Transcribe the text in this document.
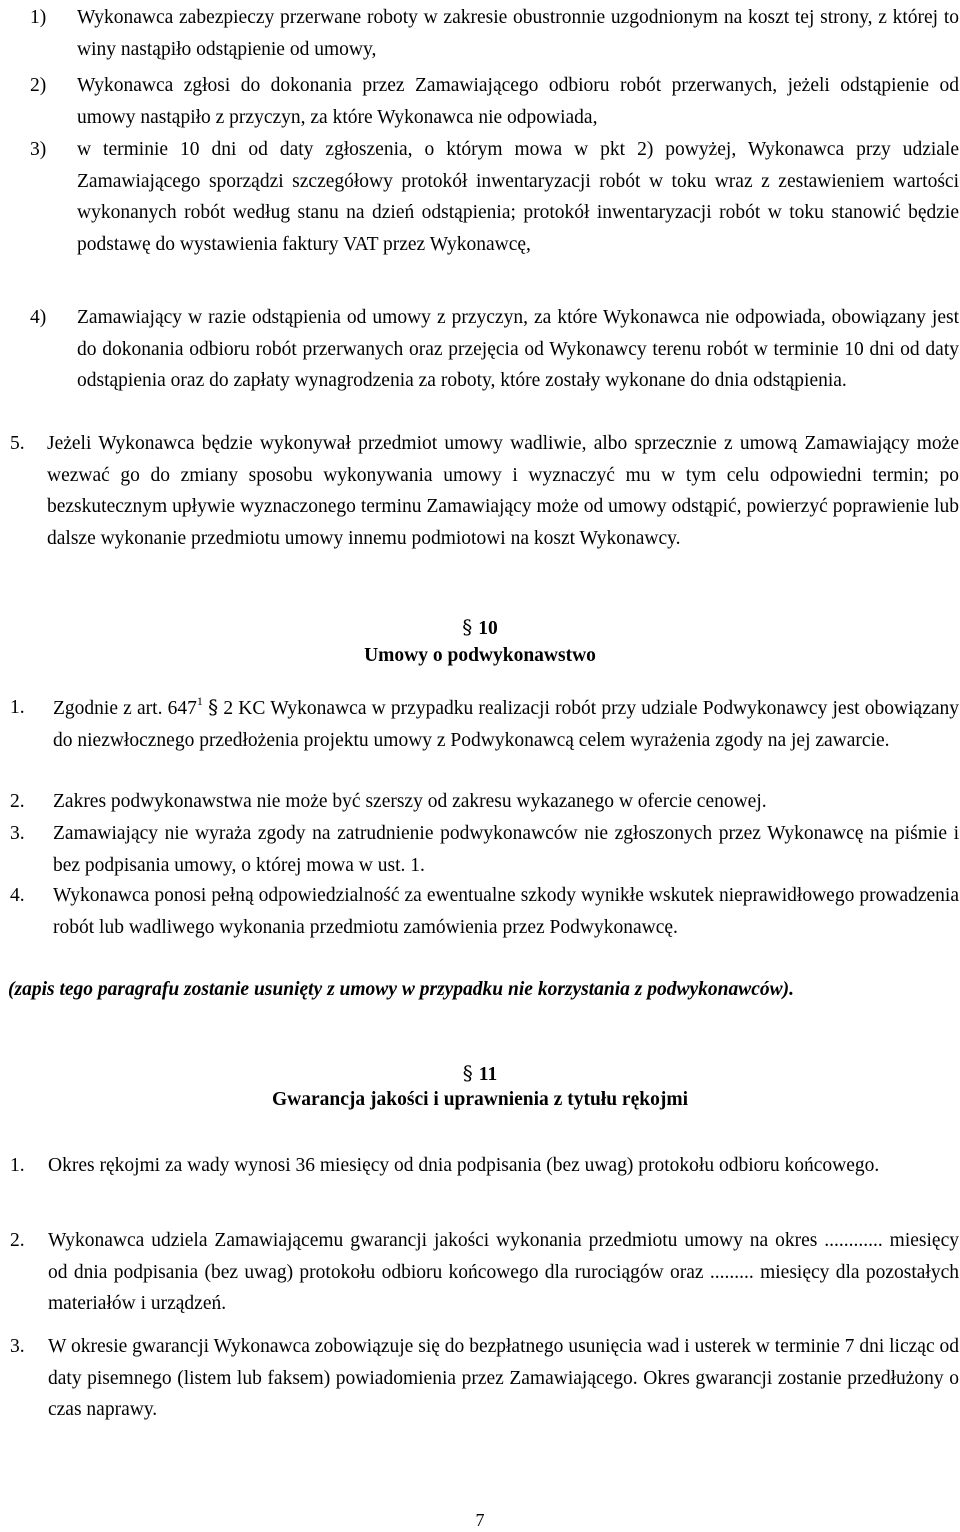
1) Wykonawca zabezpieczy przerwane roboty w zakresie obustronnie uzgodnionym na koszt tej strony, z której to winy nastąpiło odstąpienie od umowy,
2) Wykonawca zgłosi do dokonania przez Zamawiającego odbioru robót przerwanych, jeżeli odstąpienie od umowy nastąpiło z przyczyn, za które Wykonawca nie odpowiada,
3) w terminie 10 dni od daty zgłoszenia, o którym mowa w pkt 2) powyżej, Wykonawca przy udziale Zamawiającego sporządzi szczegółowy protokół inwentaryzacji robót w toku wraz z zestawieniem wartości wykonanych robót według stanu na dzień odstąpienia; protokół inwentaryzacji robót w toku stanowić będzie podstawę do wystawienia faktury VAT przez Wykonawcę,
4) Zamawiający w razie odstąpienia od umowy z przyczyn, za które Wykonawca nie odpowiada, obowiązany jest do dokonania odbioru robót przerwanych oraz przejęcia od Wykonawcy terenu robót w terminie 10 dni od daty odstąpienia oraz do zapłaty wynagrodzenia za roboty, które zostały wykonane do dnia odstąpienia.
5. Jeżeli Wykonawca będzie wykonywał przedmiot umowy wadliwie, albo sprzecznie z umową Zamawiający może wezwać go do zmiany sposobu wykonywania umowy i wyznaczyć mu w tym celu odpowiedni termin; po bezskutecznym upływie wyznaczonego terminu Zamawiający może od umowy odstąpić, powierzyć poprawienie lub dalsze wykonanie przedmiotu umowy innemu podmiotowi na koszt Wykonawcy.
§ 10
Umowy o podwykonawstwo
1. Zgodnie z art. $647^1$ § 2 KC Wykonawca w przypadku realizacji robót przy udziale Podwykonawcy jest obowiązany do niezwłocznego przedłożenia projektu umowy z Podwykonawcą celem wyrażenia zgody na jej zawarcie.
2. Zakres podwykonawstwa nie może być szerszy od zakresu wykazanego w ofercie cenowej.
3. Zamawiający nie wyraża zgody na zatrudnienie podwykonawców nie zgłoszonych przez Wykonawcę na piśmie i bez podpisania umowy, o której mowa w ust. 1.
4. Wykonawca ponosi pełną odpowiedzialność za ewentualne szkody wynikłe wskutek nieprawidłowego prowadzenia robót lub wadliwego wykonania przedmiotu zamówienia przez Podwykonawcę.
(zapis tego paragrafu zostanie usunięty z umowy w przypadku nie korzystania z podwykonawców).
§ 11
Gwarancja jakości i uprawnienia z tytułu rękojmi
1. Okres rękojmi za wady wynosi 36 miesięcy od dnia podpisania (bez uwag) protokołu odbioru końcowego.
2. Wykonawca udziela Zamawiającemu gwarancji jakości wykonania przedmiotu umowy na okres ............ miesięcy od dnia podpisania (bez uwag) protokołu odbioru końcowego dla rurociągów oraz ......... miesięcy dla pozostałych materiałów i urządzeń.
3. W okresie gwarancji Wykonawca zobowiązuje się do bezpłatnego usunięcia wad i usterek w terminie 7 dni licząc od daty pisemnego (listem lub faksem) powiadomienia przez Zamawiającego. Okres gwarancji zostanie przedłużony o czas naprawy.
7
